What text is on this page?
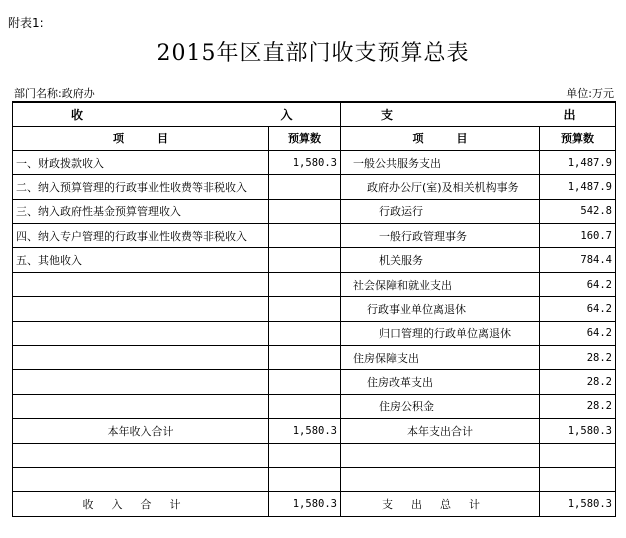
附表1:
2015年区直部门收支预算总表
部门名称:政府办	单位:万元
收	入	支	出
项　　　目	预算数	项　　　目	预算数
一、财政拨款收入	1,580.3	一般公共服务支出	1,487.9
二、纳入预算管理的行政事业性收费等非税收入		政府办公厅(室)及相关机构事务	1,487.9
三、纳入政府性基金预算管理收入		行政运行	542.8
四、纳入专户管理的行政事业性收费等非税收入		一般行政管理事务	160.7
五、其他收入		机关服务	784.4
		社会保障和就业支出	64.2
		行政事业单位离退休	64.2
		归口管理的行政单位离退休	64.2
		住房保障支出	28.2
		住房改革支出	28.2
		住房公积金	28.2
本年收入合计	1,580.3	本年支出合计	1,580.3

收入合计	1,580.3	支出总计	1,580.3
